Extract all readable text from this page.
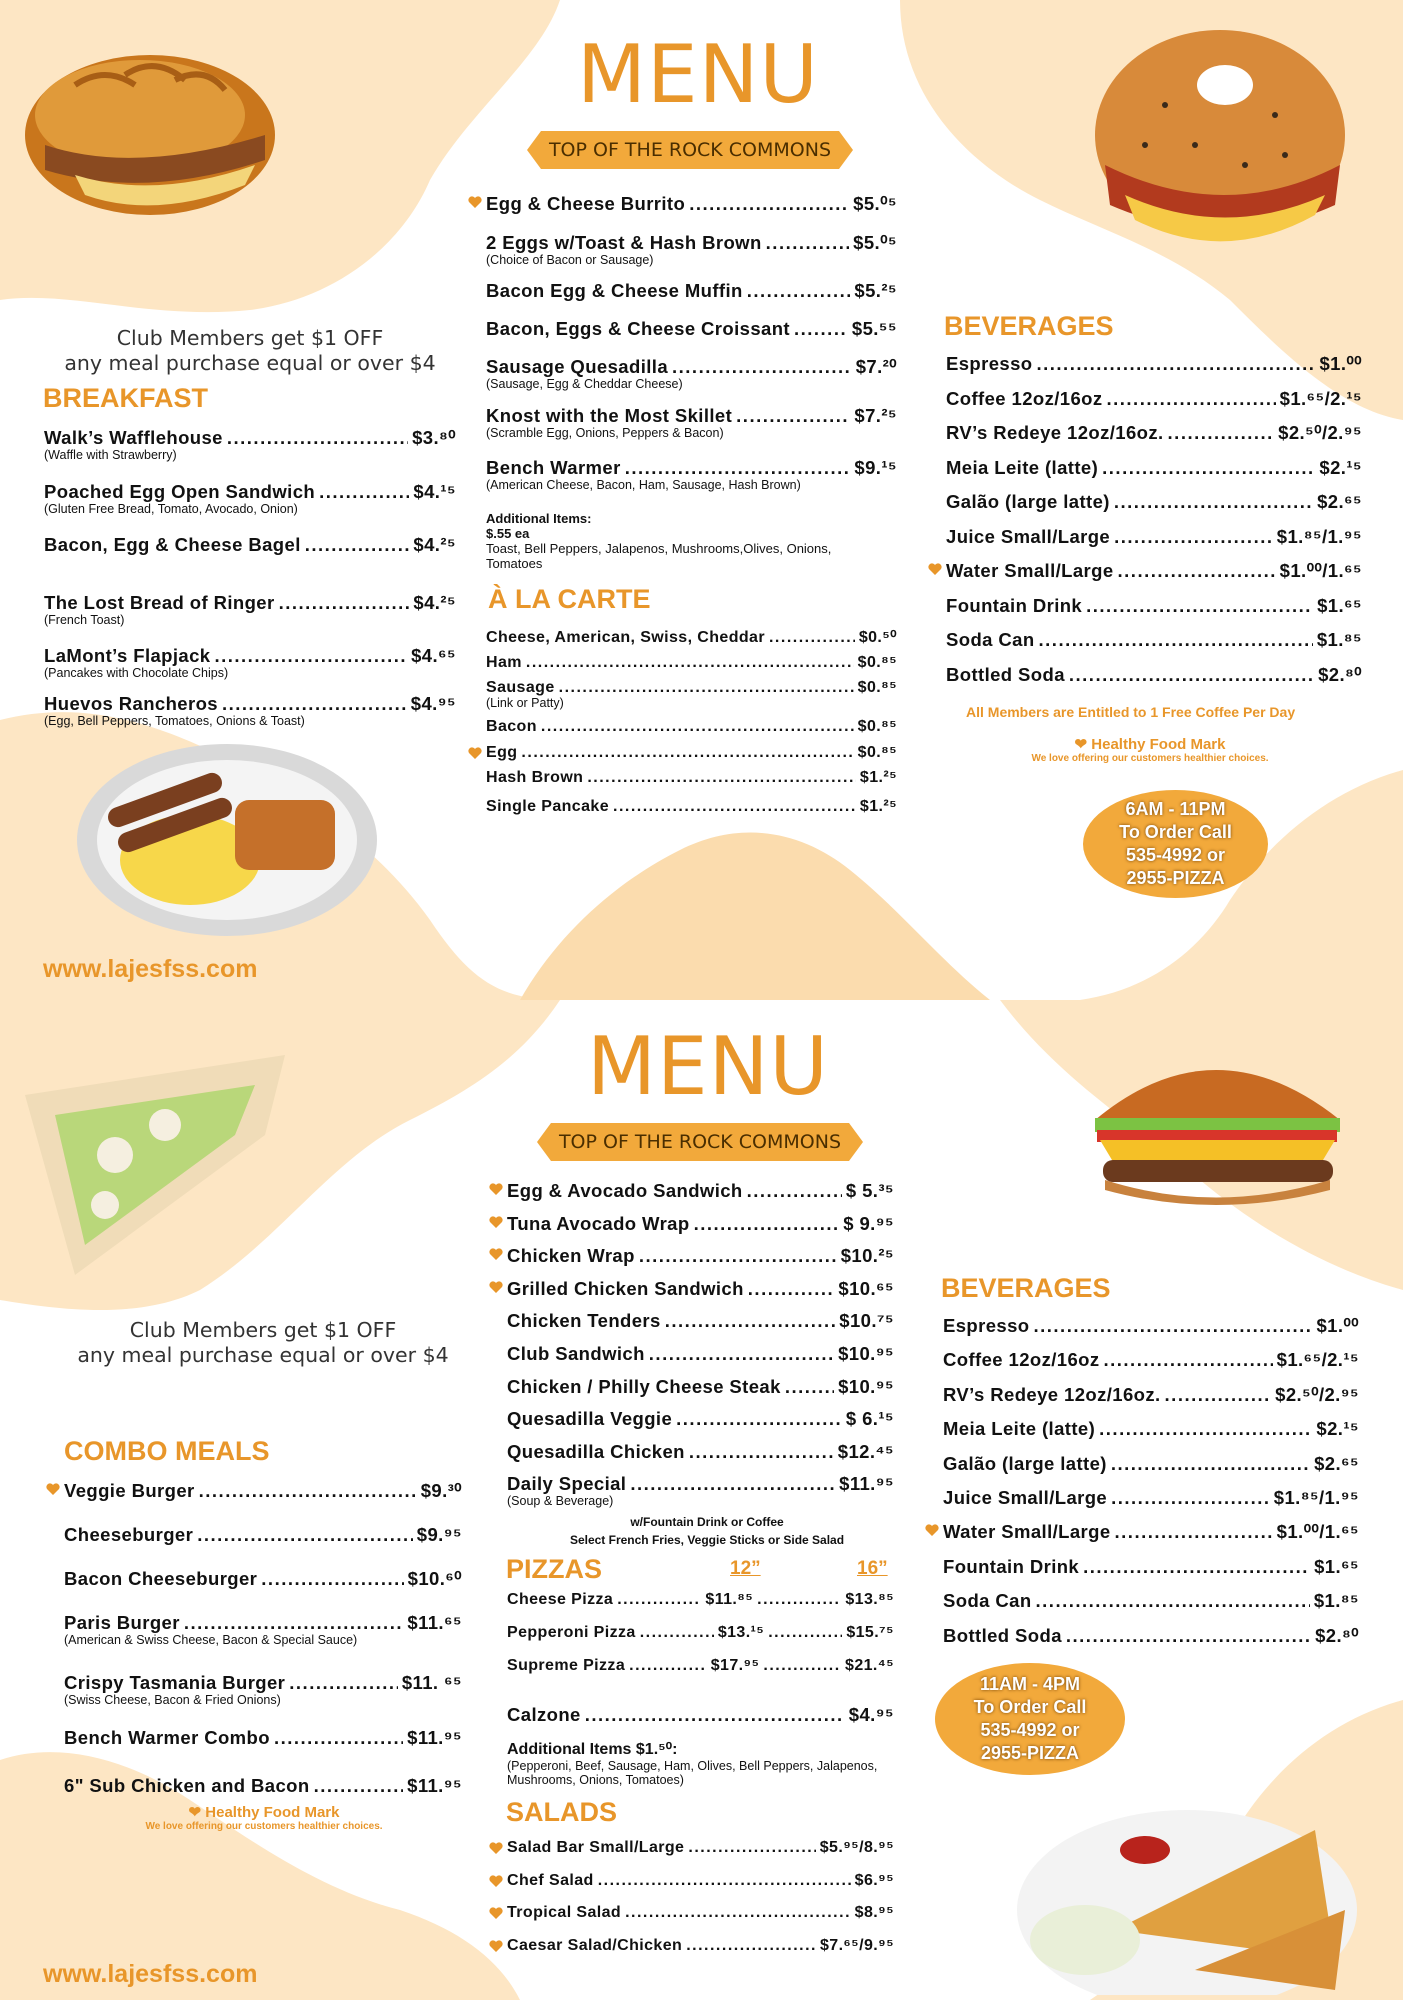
MENU
TOP OF THE ROCK COMMONS
Club Members get $1 OFF
any meal purchase equal or over $4
BREAKFAST
Walk’s Wafflehouse .....	$3.⁸⁰
(Waffle with Strawberry)
Poached Egg Open Sandwich .....	$4.¹⁵
(Gluten Free Bread, Tomato, Avocado, Onion)
Bacon, Egg & Cheese Bagel .....	$4.²⁵
The Lost Bread of Ringer .....	$4.²⁵
(French Toast)
LaMont’s Flapjack .....	$4.⁶⁵
(Pancakes with Chocolate Chips)
Huevos Rancheros .....	$4.⁹⁵
(Egg, Bell Peppers, Tomatoes, Onions & Toast)
Egg & Cheese Burrito .....	$5.⁰⁵
2 Eggs w/Toast & Hash Brown .....	$5.⁰⁵
(Choice of Bacon or Sausage)
Bacon Egg & Cheese Muffin .....	$5.²⁵
Bacon, Eggs & Cheese Croissant .....	$5.⁵⁵
Sausage Quesadilla .....	$7.²⁰
(Sausage, Egg & Cheddar Cheese)
Knost with the Most Skillet .....	$7.²⁵
(Scramble Egg, Onions, Peppers & Bacon)
Bench Warmer .....	$9.¹⁵
(American Cheese, Bacon, Ham, Sausage, Hash Brown)
Additional Items:
$.55 ea
Toast, Bell Peppers, Jalapenos, Mushrooms,Olives, Onions, Tomatoes
À LA CARTE
Cheese, American, Swiss, Cheddar .....	$0.⁵⁰
Ham .....	$0.⁸⁵
Sausage .....	$0.⁸⁵
(Link or Patty)
Bacon .....	$0.⁸⁵
Egg .....	$0.⁸⁵
Hash Brown .....	$1.²⁵
Single Pancake .....	$1.²⁵
BEVERAGES
Espresso .....	$1.⁰⁰
Coffee 12oz/16oz .....	$1.⁶⁵/2.¹⁵
RV’s Redeye 12oz/16oz. .....	$2.⁵⁰/2.⁹⁵
Meia Leite (latte) .....	$2.¹⁵
Galão (large latte) .....	$2.⁶⁵
Juice Small/Large .....	$1.⁸⁵/1.⁹⁵
Water Small/Large .....	$1.⁰⁰/1.⁶⁵
Fountain Drink .....	$1.⁶⁵
Soda Can .....	$1.⁸⁵
Bottled Soda .....	$2.⁸⁰
All Members are Entitled to 1 Free Coffee Per Day
❤ Healthy Food Mark
We love offering our customers healthier choices.
6AM - 11PM
To Order Call
535-4992 or
2955-PIZZA
www.lajesfss.com
MENU
TOP OF THE ROCK COMMONS
Club Members get $1 OFF
any meal purchase equal or over $4
Egg & Avocado Sandwich .....	$ 5.³⁵
Tuna Avocado Wrap .....	$ 9.⁹⁵
Chicken Wrap .....	$10.²⁵
Grilled Chicken Sandwich .....	$10.⁶⁵
Chicken Tenders .....	$10.⁷⁵
Club Sandwich .....	$10.⁹⁵
Chicken / Philly Cheese Steak .....	$10.⁹⁵
Quesadilla Veggie .....	$ 6.¹⁵
Quesadilla Chicken .....	$12.⁴⁵
Daily Special .....	$11.⁹⁵
(Soup & Beverage)
w/Fountain Drink or Coffee
Select French Fries, Veggie Sticks or Side Salad
COMBO MEALS
Veggie Burger .....	$9.³⁰
Cheeseburger .....	$9.⁹⁵
Bacon Cheeseburger .....	$10.⁶⁰
Paris Burger .....	$11.⁶⁵
(American & Swiss Cheese, Bacon & Special Sauce)
Crispy Tasmania Burger .....	$11. ⁶⁵
(Swiss Cheese, Bacon & Fried Onions)
Bench Warmer Combo .....	$11.⁹⁵
6" Sub Chicken and Bacon .....	$11.⁹⁵
❤ Healthy Food Mark
We love offering our customers healthier choices.
PIZZAS	12”	16”
Cheese Pizza .....	$11.⁸⁵ .....	$13.⁸⁵
Pepperoni Pizza .....	$13.¹⁵ .....	$15.⁷⁵
Supreme Pizza .....	$17.⁹⁵ .....	$21.⁴⁵
Calzone .....	$4.⁹⁵
Additional Items $1.⁵⁰:
(Pepperoni, Beef, Sausage, Ham, Olives, Bell Peppers, Jalapenos, Mushrooms, Onions, Tomatoes)
SALADS
Salad Bar Small/Large .....	$5.⁹⁵/8.⁹⁵
Chef Salad .....	$6.⁹⁵
Tropical Salad .....	$8.⁹⁵
Caesar Salad/Chicken .....	$7.⁶⁵/9.⁹⁵
BEVERAGES
Espresso .....	$1.⁰⁰
Coffee 12oz/16oz .....	$1.⁶⁵/2.¹⁵
RV’s Redeye 12oz/16oz. .....	$2.⁵⁰/2.⁹⁵
Meia Leite (latte) .....	$2.¹⁵
Galão (large latte) .....	$2.⁶⁵
Juice Small/Large .....	$1.⁸⁵/1.⁹⁵
Water Small/Large .....	$1.⁰⁰/1.⁶⁵
Fountain Drink .....	$1.⁶⁵
Soda Can .....	$1.⁸⁵
Bottled Soda .....	$2.⁸⁰
11AM - 4PM
To Order Call
535-4992 or
2955-PIZZA
www.lajesfss.com
